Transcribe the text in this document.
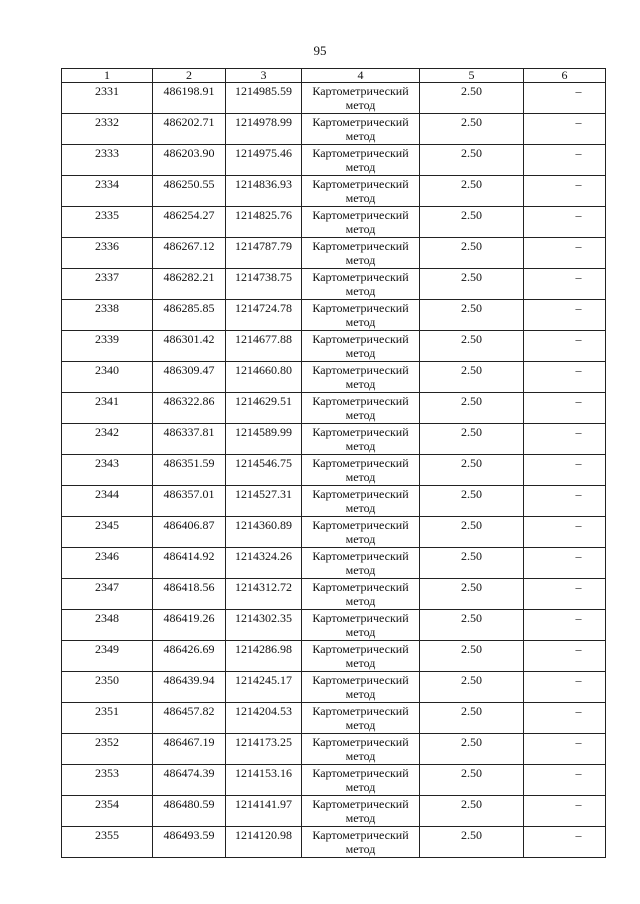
95
1	2	3	4	5	6
2331	486198.91	1214985.59	Картометрический метод	2.50	–
2332	486202.71	1214978.99	Картометрический метод	2.50	–
2333	486203.90	1214975.46	Картометрический метод	2.50	–
2334	486250.55	1214836.93	Картометрический метод	2.50	–
2335	486254.27	1214825.76	Картометрический метод	2.50	–
2336	486267.12	1214787.79	Картометрический метод	2.50	–
2337	486282.21	1214738.75	Картометрический метод	2.50	–
2338	486285.85	1214724.78	Картометрический метод	2.50	–
2339	486301.42	1214677.88	Картометрический метод	2.50	–
2340	486309.47	1214660.80	Картометрический метод	2.50	–
2341	486322.86	1214629.51	Картометрический метод	2.50	–
2342	486337.81	1214589.99	Картометрический метод	2.50	–
2343	486351.59	1214546.75	Картометрический метод	2.50	–
2344	486357.01	1214527.31	Картометрический метод	2.50	–
2345	486406.87	1214360.89	Картометрический метод	2.50	–
2346	486414.92	1214324.26	Картометрический метод	2.50	–
2347	486418.56	1214312.72	Картометрический метод	2.50	–
2348	486419.26	1214302.35	Картометрический метод	2.50	–
2349	486426.69	1214286.98	Картометрический метод	2.50	–
2350	486439.94	1214245.17	Картометрический метод	2.50	–
2351	486457.82	1214204.53	Картометрический метод	2.50	–
2352	486467.19	1214173.25	Картометрический метод	2.50	–
2353	486474.39	1214153.16	Картометрический метод	2.50	–
2354	486480.59	1214141.97	Картометрический метод	2.50	–
2355	486493.59	1214120.98	Картометрический метод	2.50	–
